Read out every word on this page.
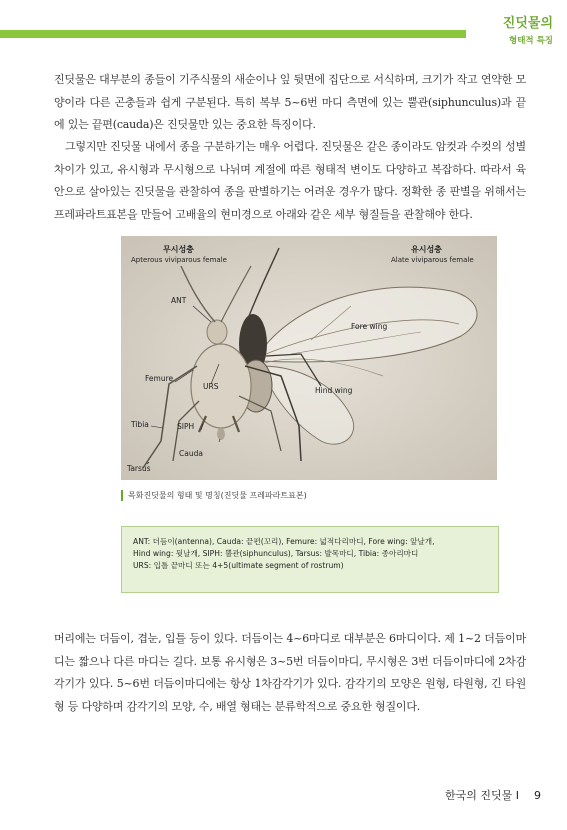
진딧물의
형태적 특징
진딧물은 대부분의 종들이 기주식물의 새순이나 잎 뒷면에 집단으로 서식하며, 크기가 작고 연약한 모양이라 다른 곤충들과 쉽게 구분된다. 특히 복부 5~6번 마디 측면에 있는 뿔관(siphunculus)과 끝에 있는 끝편(cauda)은 진딧물만 있는 중요한 특징이다.
그렇지만 진딧물 내에서 종을 구분하기는 매우 어렵다. 진딧물은 같은 종이라도 암컷과 수컷의 성별 차이가 있고, 유시형과 무시형으로 나뉘며 계절에 따른 형태적 변이도 다양하고 복잡하다. 따라서 육안으로 살아있는 진딧물을 관찰하여 종을 판별하기는 어려운 경우가 많다. 정확한 종 판별을 위해서는 프레파라트표본을 만들어 고배율의 현미경으로 아래와 같은 세부 형질들을 관찰해야 한다.
무시성충
Apterous viviparous female
유시성충
Alate viviparous female
ANT
Fore wing
Femure
URS	Hind wing
Tibia	SIPH
Cauda
Tarsus
목화진딧물의 형태 및 명칭(진딧물 프레파라트표본)
ANT: 더듬이(antenna), Cauda: 끝편(꼬리), Femure: 넓적다리마디, Fore wing: 앞날개,
Hind wing: 뒷날개, SIPH: 뿔관(siphunculus), Tarsus: 발목마디, Tibia: 종아리마디
URS: 입틀 끝마디 또는 4+5(ultimate segment of rostrum)
머리에는 더듬이, 겹눈, 입틀 등이 있다. 더듬이는 4~6마디로 대부분은 6마디이다. 제 1~2 더듬이마디는 짧으나 다른 마디는 길다. 보통 유시형은 3~5번 더듬이마디, 무시형은 3번 더듬이마디에 2차감각기가 있다. 5~6번 더듬이마디에는 항상 1차감각기가 있다. 감각기의 모양은 원형, 타원형, 긴 타원형 등 다양하며 감각기의 모양, 수, 배열 형태는 분류학적으로 중요한 형질이다.
한국의 진딧물 I 9
